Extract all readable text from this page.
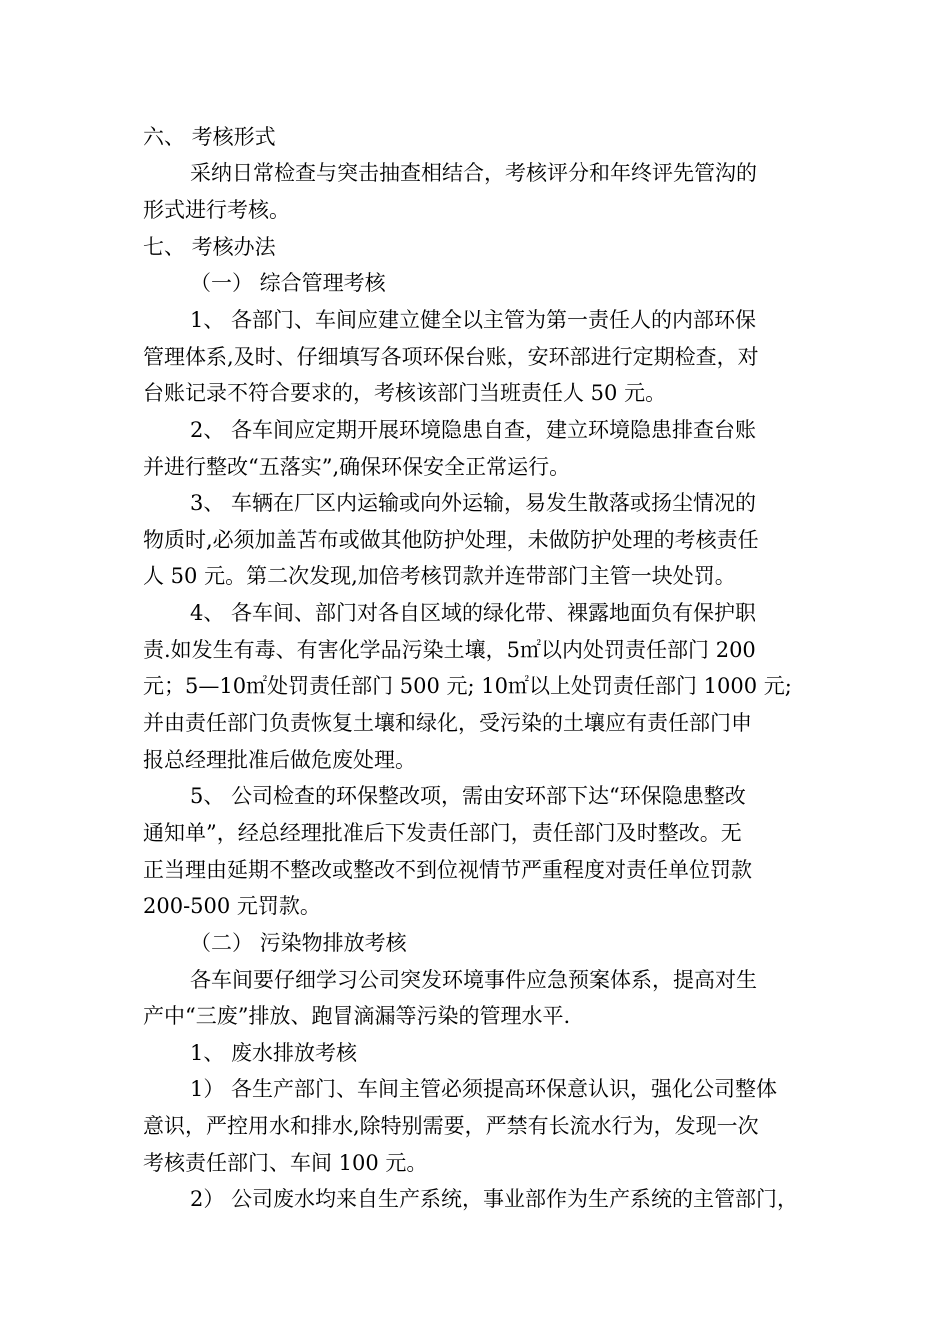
六、 考核形式
采纳日常检查与突击抽查相结合，考核评分和年终评先管沟的
形式进行考核。
七、 考核办法
（一） 综合管理考核
1、 各部门、车间应建立健全以主管为第一责任人的内部环保
管理体系,及时、仔细填写各项环保台账，安环部进行定期检查，对
台账记录不符合要求的，考核该部门当班责任人 50 元。
2、 各车间应定期开展环境隐患自查，建立环境隐患排查台账
并进行整改“五落实”,确保环保安全正常运行。
3、 车辆在厂区内运输或向外运输，易发生散落或扬尘情况的
物质时,必须加盖苫布或做其他防护处理，未做防护处理的考核责任
人 50 元。第二次发现,加倍考核罚款并连带部门主管一块处罚。
4、 各车间、部门对各自区域的绿化带、裸露地面负有保护职
责.如发生有毒、有害化学品污染土壤，5㎡以内处罚责任部门 200
元；5—10㎡处罚责任部门 500 元; 10㎡以上处罚责任部门 1000 元;
并由责任部门负责恢复土壤和绿化，受污染的土壤应有责任部门申
报总经理批准后做危废处理。
5、 公司检查的环保整改项，需由安环部下达“环保隐患整改
通知单”，经总经理批准后下发责任部门，责任部门及时整改。无
正当理由延期不整改或整改不到位视情节严重程度对责任单位罚款
200-500 元罚款。
（二） 污染物排放考核
各车间要仔细学习公司突发环境事件应急预案体系，提高对生
产中“三废”排放、跑冒滴漏等污染的管理水平.
1、 废水排放考核
1） 各生产部门、车间主管必须提高环保意认识，强化公司整体
意识，严控用水和排水,除特别需要，严禁有长流水行为，发现一次
考核责任部门、车间 100 元。
2） 公司废水均来自生产系统，事业部作为生产系统的主管部门，
